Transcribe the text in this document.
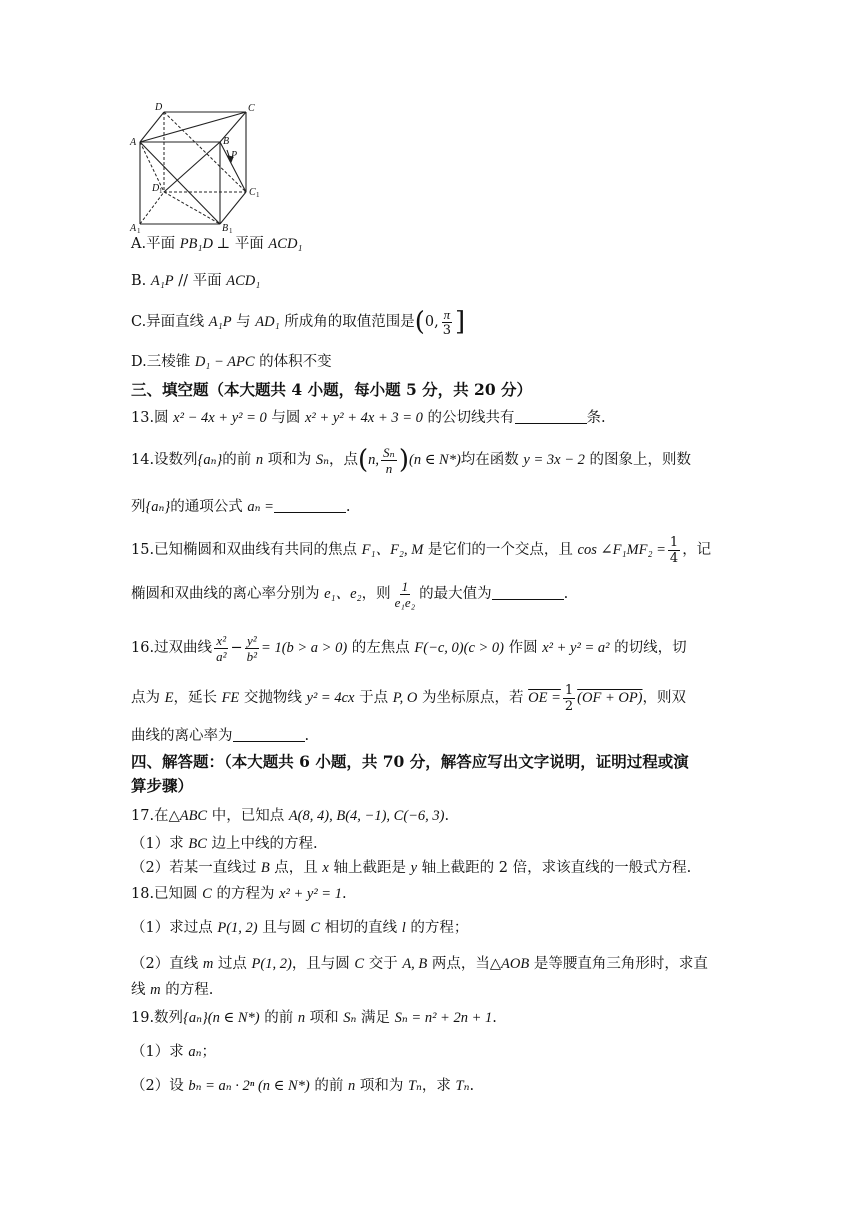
D	C
A	B
P
D	C
A	B
1	1
1	1
A.平面 PB₁D ⊥ 平面 ACD₁
B. A₁P // 平面 ACD₁
C.异面直线 A₁P 与 AD₁ 所成角的取值范围是(0, $\frac{\pi}{3}$ ]
D.三棱锥 D₁ − APC 的体积不变
三、填空题（本大题共 4 小题，每小题 5 分，共 20 分）
13.圆 x² − 4x + y² = 0 与圆 x² + y² + 4x + 3 = 0 的公切线共有	条.
14.设数列{aₙ}的前 n 项和为 Sₙ，点(n, $\frac{\text{Sₙ}}{n} )(n$ ∈ N*)均在函数 y = 3x − 2 的图象上，则数
列{aₙ}的通项公式 aₙ =	.
15.已知椭圆和双曲线有共同的焦点 F₁、F₂, M 是它们的一个交点，且 cos ∠F₁MF₂ = $\frac{1}{4}$ ，记
椭圆和双曲线的离心率分别为 e₁、e₂，则 $\frac{1}{\text{e₁e₂}}$ 的最大值为	.
16.过双曲线 $\frac{\text{x²}}{\text{a²}} - \frac{\text{y²}}{\text{b²}} = 1(b > a > 0)$ 的左焦点 F(−c, 0)(c > 0) 作圆 x² + y² = a² 的切线，切
点为 E，延长 FE 交抛物线 y² = 4cx 于点 P, O 为坐标原点，若 OE = $\frac{1}{2} (OF + OP)$，则双
曲线的离心率为	.
四、解答题：（本大题共 6 小题，共 70 分，解答应写出文字说明，证明过程或演
算步骤）
17.在△ABC 中，已知点 A(8, 4), B(4, −1), C(−6, 3).
（1）求 BC 边上中线的方程.
（2）若某一直线过 B 点，且 x 轴上截距是 y 轴上截距的 2 倍，求该直线的一般式方程.
18.已知圆 C 的方程为 x² + y² = 1.
（1）求过点 P(1, 2) 且与圆 C 相切的直线 l 的方程；
（2）直线 m 过点 P(1, 2)，且与圆 C 交于 A, B 两点，当△AOB 是等腰直角三角形时，求直
线 m 的方程.
19.数列{aₙ}(n ∈ N*) 的前 n 项和 Sₙ 满足 Sₙ = n² + 2n + 1.
（1）求 aₙ；
（2）设 bₙ = aₙ · 2ⁿ (n ∈ N*) 的前 n 项和为 Tₙ，求 Tₙ.
